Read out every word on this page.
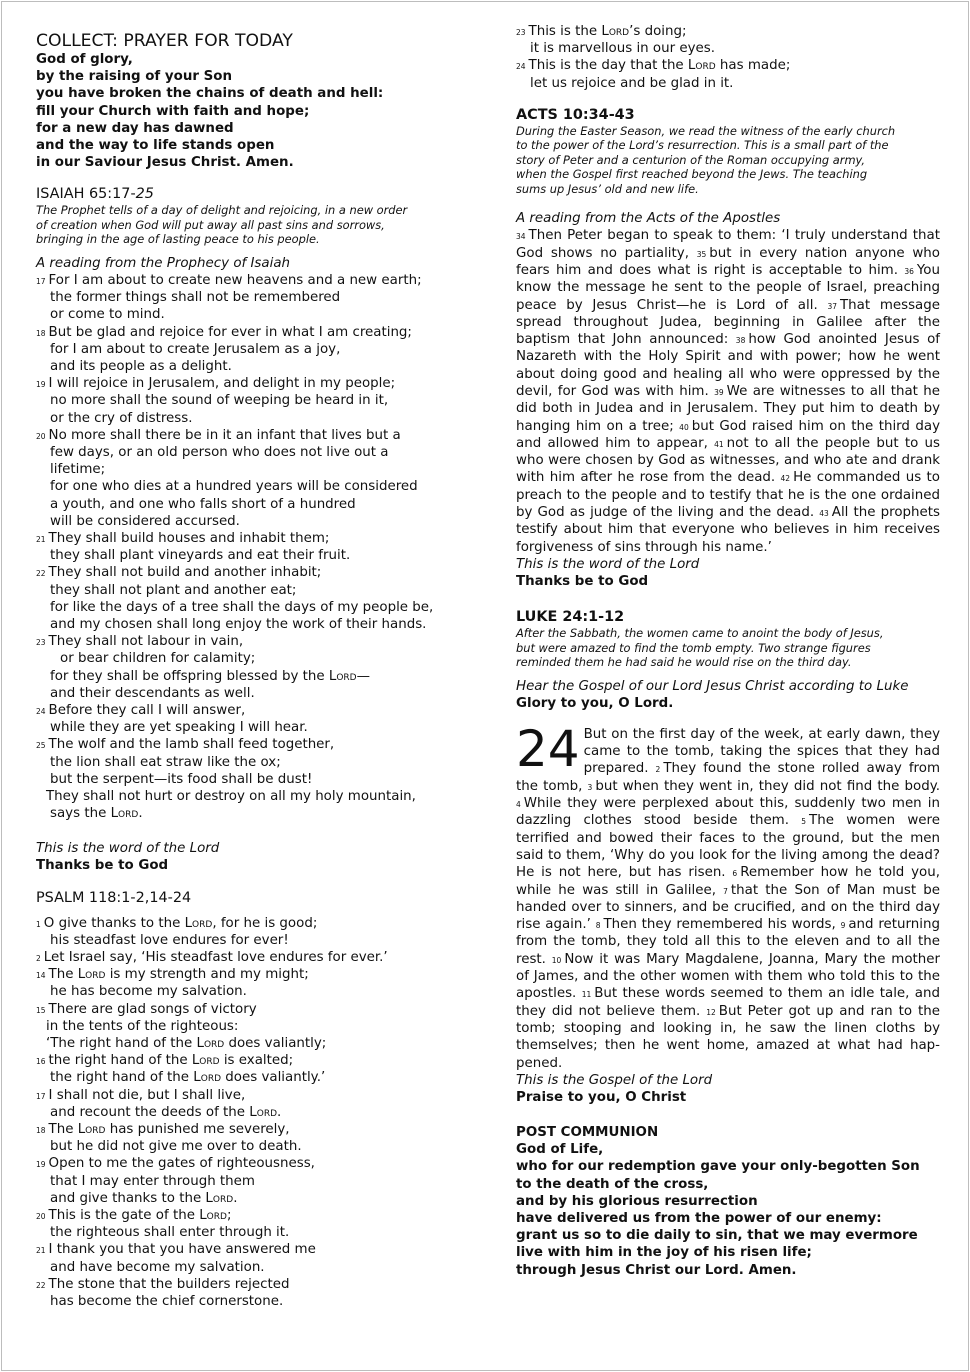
COLLECT: PRAYER FOR TODAY
God of glory,
by the raising of your Son
you have broken the chains of death and hell:
fill your Church with faith and hope;
for a new day has dawned
and the way to life stands open
in our Saviour Jesus Christ. Amen.
ISAIAH 65:17-25
The Prophet tells of a day of delight and rejoicing, in a new order
of creation when God will put away all past sins and sorrows,
bringing in the age of lasting peace to his people.
A reading from the Prophecy of Isaiah
$^{17}$ For I am about to create new heavens and a new earth;
the former things shall not be remembered
or come to mind.
$^{18}$ But be glad and rejoice for ever in what I am creating;
for I am about to create Jerusalem as a joy,
and its people as a delight.
$^{19}$ I will rejoice in Jerusalem, and delight in my people;
no more shall the sound of weeping be heard in it,
or the cry of distress.
$^{20}$ No more shall there be in it an infant that lives but a
few days, or an old person who does not live out a
lifetime;
for one who dies at a hundred years will be considered
a youth, and one who falls short of a hundred
will be considered accursed.
$^{21}$ They shall build houses and inhabit them;
they shall plant vineyards and eat their fruit.
$^{22}$ They shall not build and another inhabit;
they shall not plant and another eat;
for like the days of a tree shall the days of my people be,
and my chosen shall long enjoy the work of their hands.
$^{23}$ They shall not labour in vain,
or bear children for calamity;
for they shall be offspring blessed by the Lord—
and their descendants as well.
$^{24}$ Before they call I will answer,
while they are yet speaking I will hear.
$^{25}$ The wolf and the lamb shall feed together,
the lion shall eat straw like the ox;
but the serpent—its food shall be dust!
They shall not hurt or destroy on all my holy mountain,
says the Lord.
This is the word of the Lord
Thanks be to God
PSALM 118:1-2,14-24
$^1$ O give thanks to the Lord, for he is good;
his steadfast love endures for ever!
$^2$ Let Israel say, ‘His steadfast love endures for ever.’
$^{14}$ The Lord is my strength and my might;
he has become my salvation.
$^{15}$ There are glad songs of victory
in the tents of the righteous:
‘The right hand of the Lord does valiantly;
$^{16}$ the right hand of the Lord is exalted;
the right hand of the Lord does valiantly.’
$^{17}$ I shall not die, but I shall live,
and recount the deeds of the Lord.
$^{18}$ The Lord has punished me severely,
but he did not give me over to death.
$^{19}$ Open to me the gates of righteousness,
that I may enter through them
and give thanks to the Lord.
$^{20}$ This is the gate of the Lord;
the righteous shall enter through it.
$^{21}$ I thank you that you have answered me
and have become my salvation.
$^{22}$ The stone that the builders rejected
has become the chief cornerstone.
$^{23}$ This is the Lord’s doing;
it is marvellous in our eyes.
$^{24}$ This is the day that the Lord has made;
let us rejoice and be glad in it.
ACTS 10:34-43
During the Easter Season, we read the witness of the early church
to the power of the Lord’s resurrection. This is a small part of the
story of Peter and a centurion of the Roman occupying army,
when the Gospel first reached beyond the Jews. The teaching
sums up Jesus’ old and new life.
A reading from the Acts of the Apostles
$^{34}$ Then Peter began to speak to them: ‘I truly understand that God shows no partiality, $^{35}$ but in every nation anyone who fears him and does what is right is acceptable to him. $^{36}$ You know the message he sent to the people of Israel, preaching peace by Jesus Christ—he is Lord of all. $^{37}$ That message spread throughout Judea, beginning in Galilee after the baptism that John announced: $^{38}$ how God anointed Jesus of Nazareth with the Holy Spirit and with power; how he went about doing good and healing all who were oppressed by the devil, for God was with him. $^{39}$ We are witnesses to all that he did both in Judea and in Jerusalem. They put him to death by hanging him on a tree; $^{40}$ but God raised him on the third day and allowed him to appear, $^{41}$ not to all the people but to us who were chosen by God as witnesses, and who ate and drank with him after he rose from the dead. $^{42}$ He commanded us to preach to the people and to testify that he is the one ordained by God as judge of the living and the dead. $^{43}$ All the prophets testify about him that everyone who believes in him receives forgiveness of sins through his name.’
This is the word of the Lord
Thanks be to God
LUKE 24:1-12
After the Sabbath, the women came to anoint the body of Jesus,
but were amazed to find the tomb empty. Two strange figures
reminded them he had said he would rise on the third day.
Hear the Gospel of our Lord Jesus Christ according to Luke
Glory to you, O Lord.
24 But on the first day of the week, at early dawn, they came to the tomb, taking the spices that they had prepared. $^2$ They found the stone rolled away from the tomb, $^3$ but when they went in, they did not find the body. $^4$ While they were perplexed about this, suddenly two men in dazzling clothes stood beside them. $^5$ The women were terrified and bowed their faces to the ground, but the men said to them, ‘Why do you look for the living among the dead? He is not here, but has risen. $^6$ Remember how he told you, while he was still in Galilee, $^7$ that the Son of Man must be handed over to sinners, and be crucified, and on the third day rise again.’ $^8$ Then they remembered his words, $^9$ and returning from the tomb, they told all this to the eleven and to all the rest. $^{10}$ Now it was Mary Magdalene, Joanna, Mary the mother of James, and the other women with them who told this to the apostles. $^{11}$ But these words seemed to them an idle tale, and they did not believe them. $^{12}$ But Peter got up and ran to the tomb; stooping and looking in, he saw the linen cloths by themselves; then he went home, amazed at what had happened.
This is the Gospel of the Lord
Praise to you, O Christ
POST COMMUNION
God of Life,
who for our redemption gave your only-begotten Son
to the death of the cross,
and by his glorious resurrection
have delivered us from the power of our enemy:
grant us so to die daily to sin, that we may evermore
live with him in the joy of his risen life;
through Jesus Christ our Lord. Amen.
